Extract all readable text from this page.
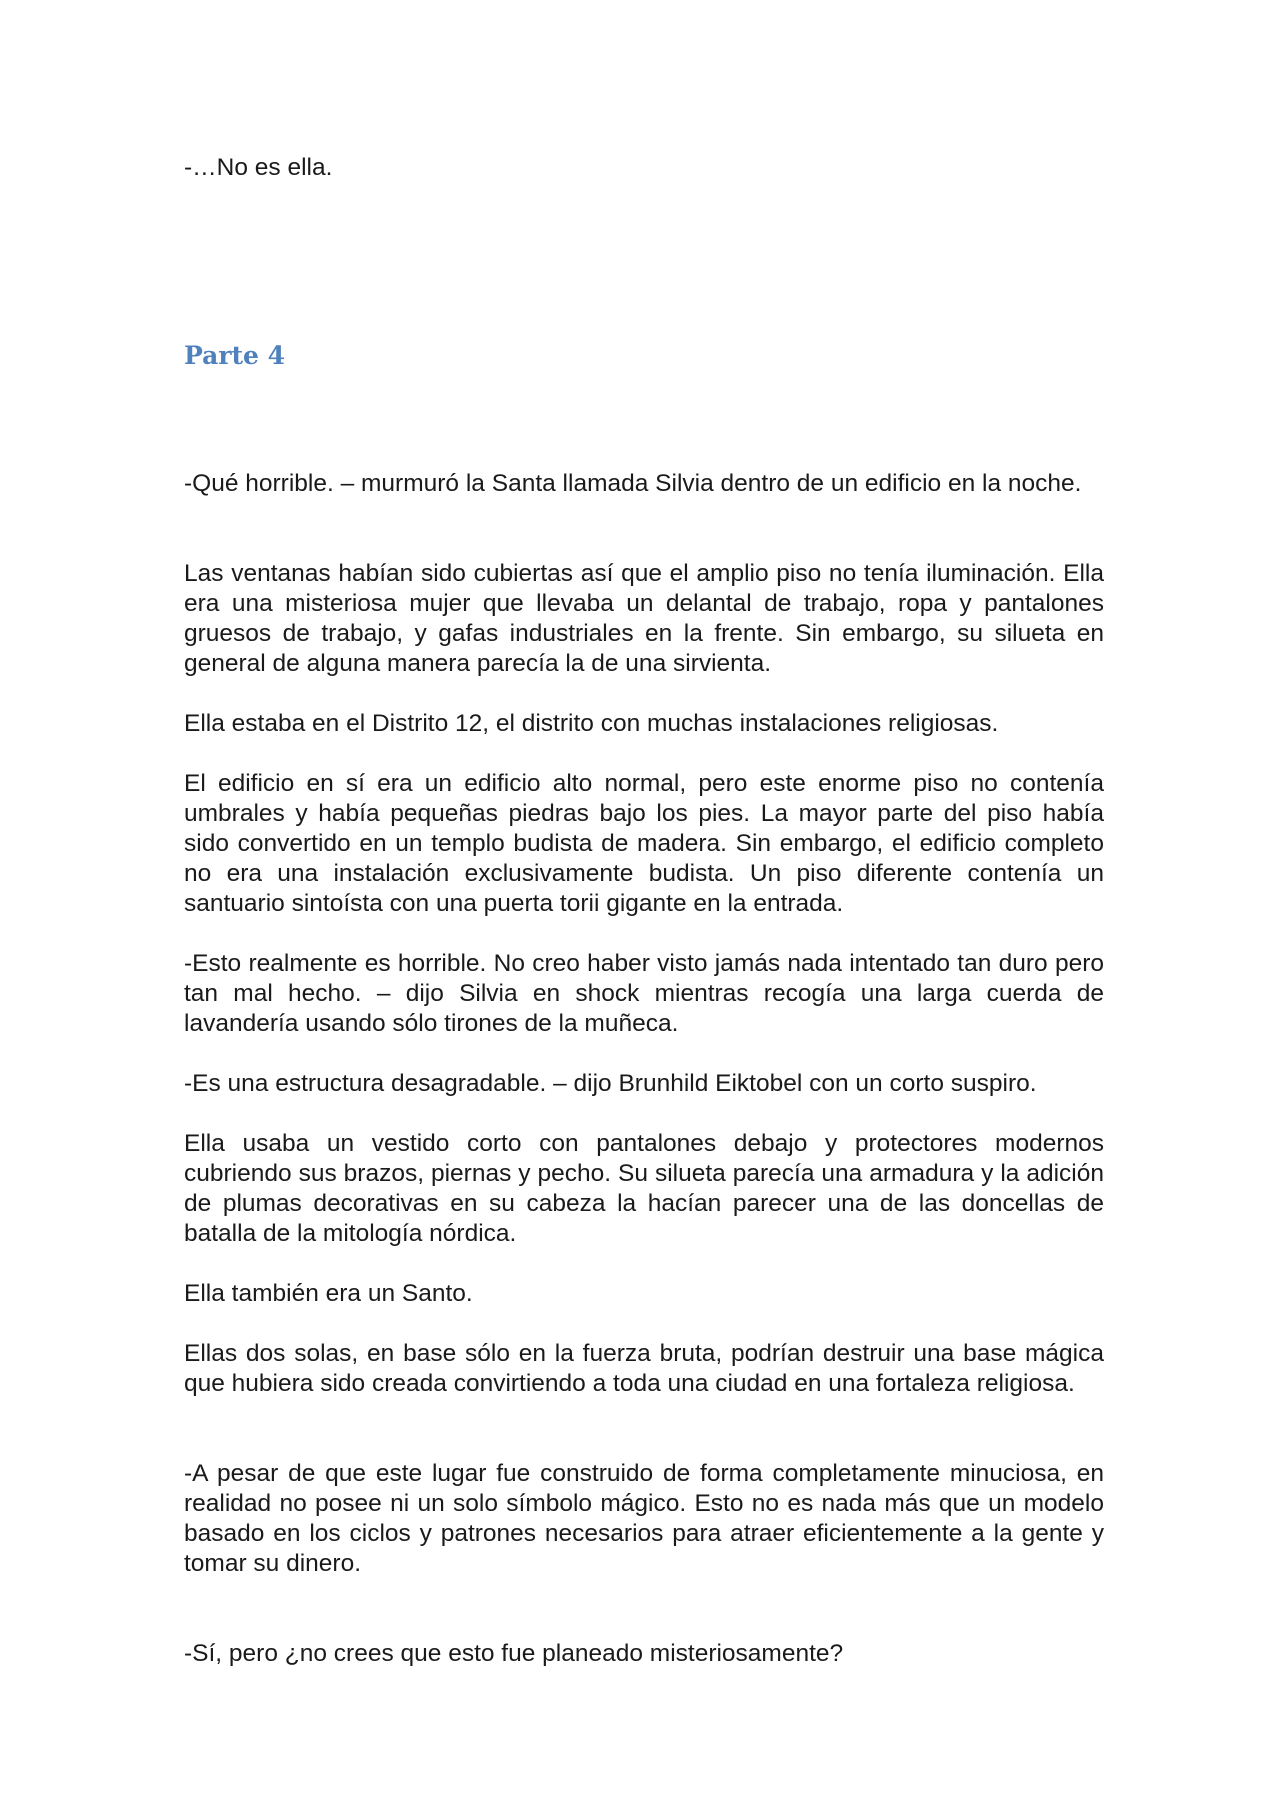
-…No es ella.

Parte 4

-Qué horrible. – murmuró la Santa llamada Silvia dentro de un edificio en la noche.

Las ventanas habían sido cubiertas así que el amplio piso no tenía iluminación. Ella era una misteriosa mujer que llevaba un delantal de trabajo, ropa y pantalones gruesos de trabajo, y gafas industriales en la frente. Sin embargo, su silueta en general de alguna manera parecía la de una sirvienta.

Ella estaba en el Distrito 12, el distrito con muchas instalaciones religiosas.

El edificio en sí era un edificio alto normal, pero este enorme piso no contenía umbrales y había pequeñas piedras bajo los pies. La mayor parte del piso había sido convertido en un templo budista de madera. Sin embargo, el edificio completo no era una instalación exclusivamente budista. Un piso diferente contenía un santuario sintoísta con una puerta torii gigante en la entrada.

-Esto realmente es horrible. No creo haber visto jamás nada intentado tan duro pero tan mal hecho. – dijo Silvia en shock mientras recogía una larga cuerda de lavandería usando sólo tirones de la muñeca.

-Es una estructura desagradable. – dijo Brunhild Eiktobel con un corto suspiro.

Ella usaba un vestido corto con pantalones debajo y protectores modernos cubriendo sus brazos, piernas y pecho. Su silueta parecía una armadura y la adición de plumas decorativas en su cabeza la hacían parecer una de las doncellas de batalla de la mitología nórdica.

Ella también era un Santo.

Ellas dos solas, en base sólo en la fuerza bruta, podrían destruir una base mágica que hubiera sido creada convirtiendo a toda una ciudad en una fortaleza religiosa.

-A pesar de que este lugar fue construido de forma completamente minuciosa, en realidad no posee ni un solo símbolo mágico. Esto no es nada más que un modelo basado en los ciclos y patrones necesarios para atraer eficientemente a la gente y tomar su dinero.

-Sí, pero ¿no crees que esto fue planeado misteriosamente?
